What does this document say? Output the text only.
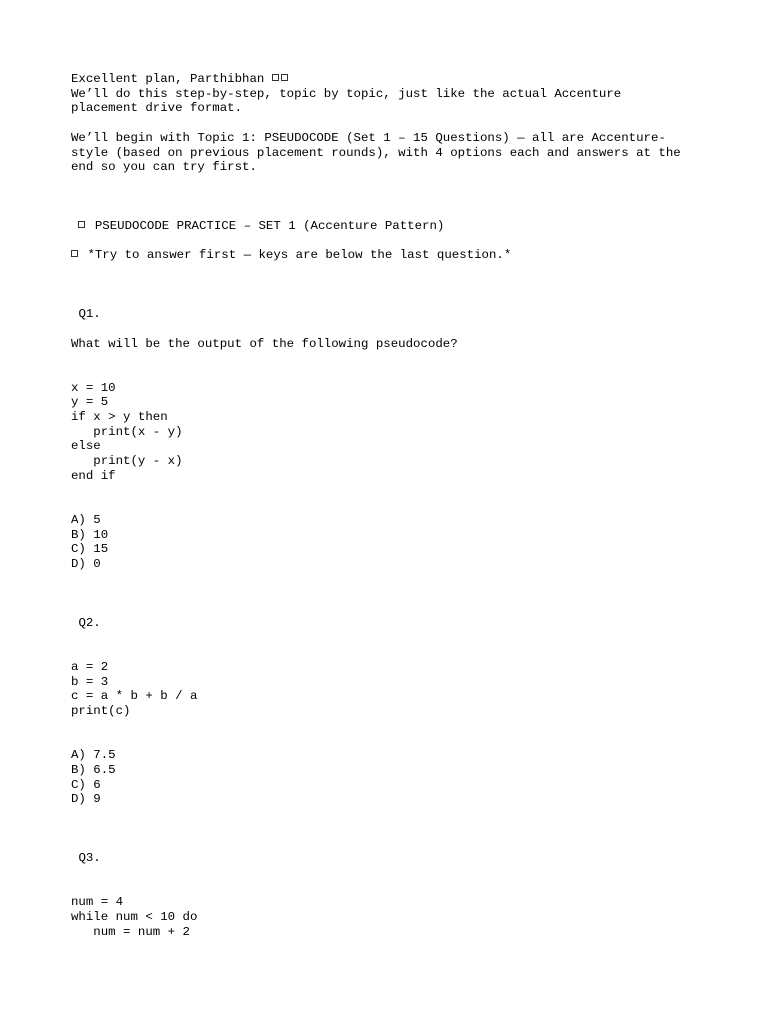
Excellent plan, Parthibhan
We’ll do this step-by-step, topic by topic, just like the actual Accenture
placement drive format.
We’ll begin with Topic 1: PSEUDOCODE (Set 1 – 15 Questions) — all are Accenture-
style (based on previous placement rounds), with 4 options each and answers at the
end so you can try first.
PSEUDOCODE PRACTICE – SET 1 (Accenture Pattern)
*Try to answer first — keys are below the last question.*
Q1.
What will be the output of the following pseudocode?
x = 10
y = 5
if x > y then
print(x - y)
else
print(y - x)
end if
A) 5
B) 10
C) 15
D) 0
Q2.
a = 2
b = 3
c = a * b + b / a
print(c)
A) 7.5
B) 6.5
C) 6
D) 9
Q3.
num = 4
while num < 10 do
num = num + 2
